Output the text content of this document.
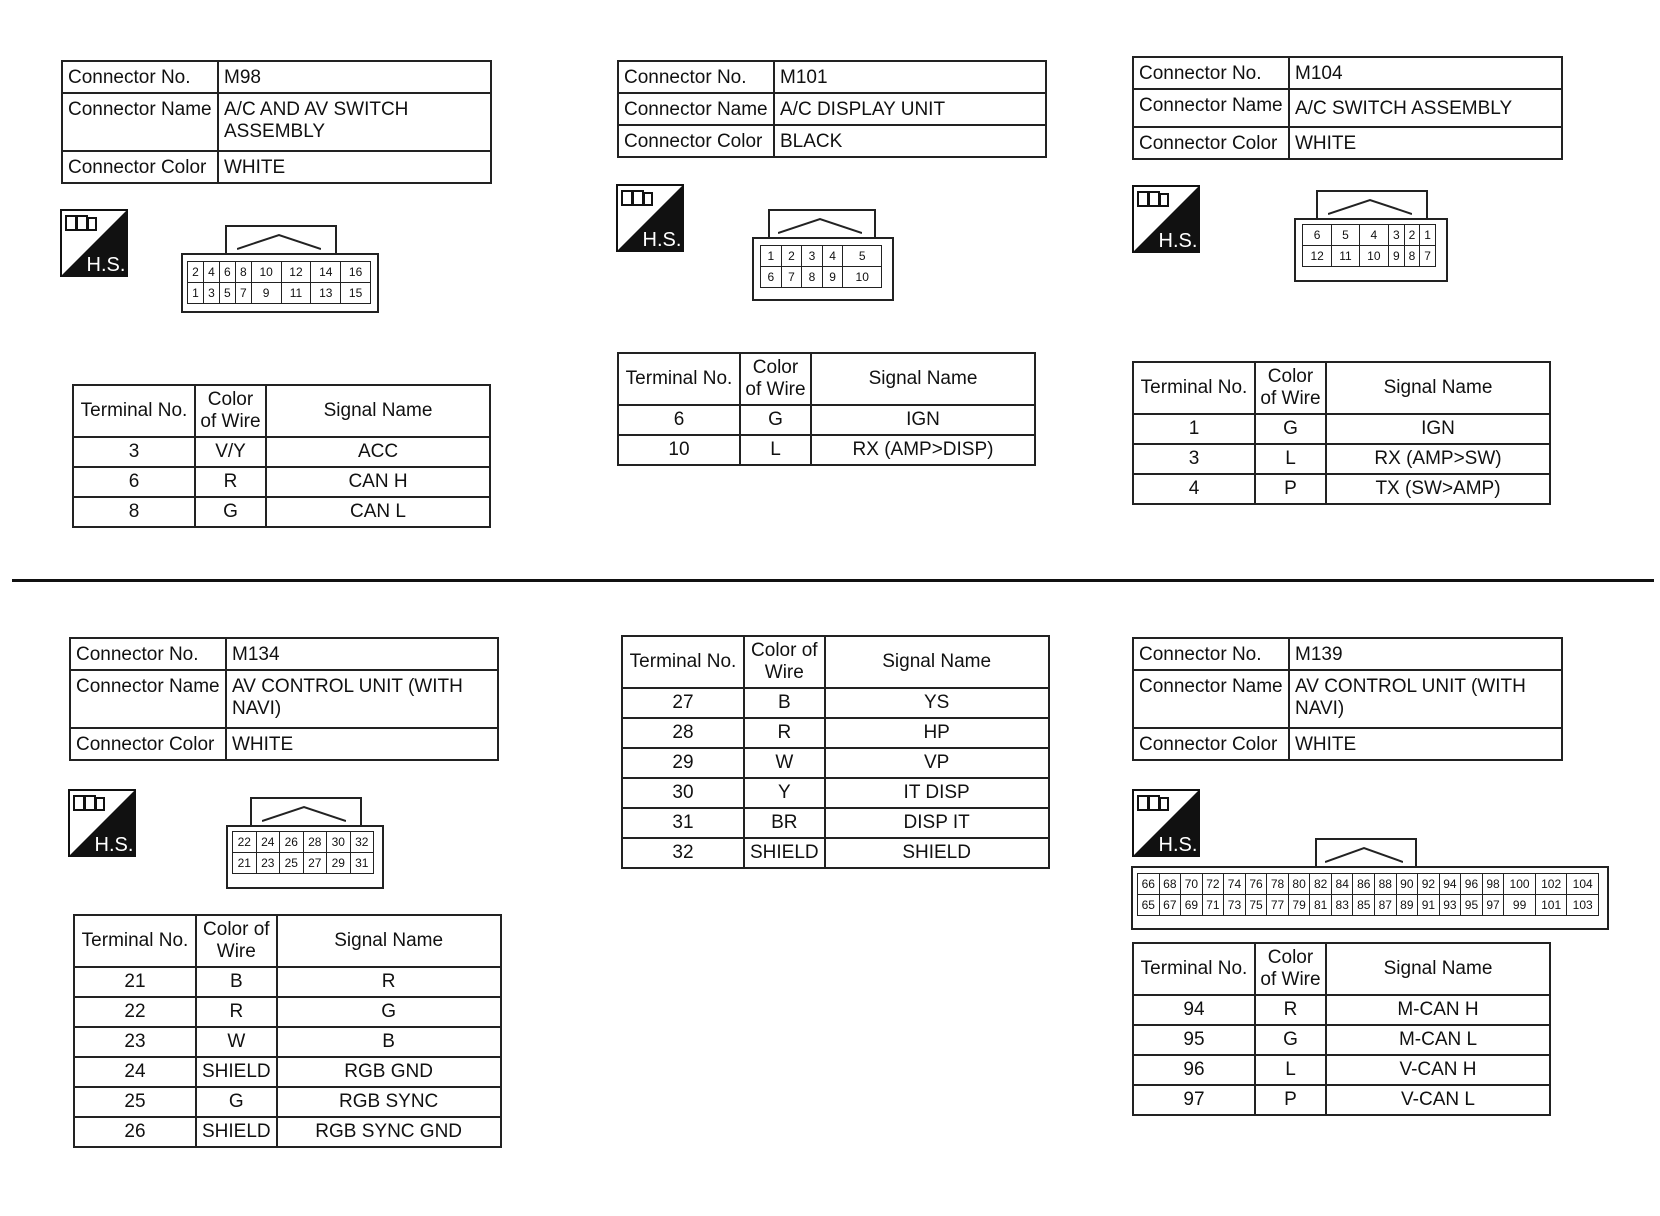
Connector No.	M98
Connector Name	A/C AND AV SWITCH ASSEMBLY
Connector Color	WHITE
H.S.	2	4	6	8	10	12	14	16
1	3	5	7	9	11	13	15
Terminal No.	Color of Wire	Signal Name
3	V/Y	ACC
6	R	CAN H
8	G	CAN L
Connector No.	M101
Connector Name	A/C DISPLAY UNIT
Connector Color	BLACK
H.S.
1	2	3	4	5
6	7	8	9	10
Terminal No.	Color of Wire	Signal Name
6	G	IGN
10	L	RX (AMP>DISP)
Connector No.	M104
Connector Name	A/C SWITCH ASSEMBLY
Connector Color	WHITE
H.S.	6	5	4	3	2	1
12	11	10	9	8	7
Terminal No.	Color of Wire	Signal Name
1	G	IGN
3	L	RX (AMP>SW)
4	P	TX (SW>AMP)
Connector No.	M134
Connector Name	AV CONTROL UNIT (WITH NAVI)
Connector Color	WHITE
H.S.	22	24	26	28	30	32
21	23	25	27	29	31
Terminal No.	Color of Wire	Signal Name
21	B	R
22	R	G
23	W	B
24	SHIELD	RGB GND
25	G	RGB SYNC
26	SHIELD	RGB SYNC GND
Terminal No.	Color of Wire	Signal Name
27	B	YS
28	R	HP
29	W	VP
30	Y	IT DISP
31	BR	DISP IT
32	SHIELD	SHIELD
Connector No.	M139
Connector Name	AV CONTROL UNIT (WITH NAVI)
Connector Color	WHITE
H.S.
66	68	70	72	74	76	78	80	82	84	86	88	90	92	94	96	98	100	102	104
65	67	69	71	73	75	77	79	81	83	85	87	89	91	93	95	97	99	101	103
Terminal No.	Color of Wire	Signal Name
94	R	M-CAN H
95	G	M-CAN L
96	L	V-CAN H
97	P	V-CAN L
